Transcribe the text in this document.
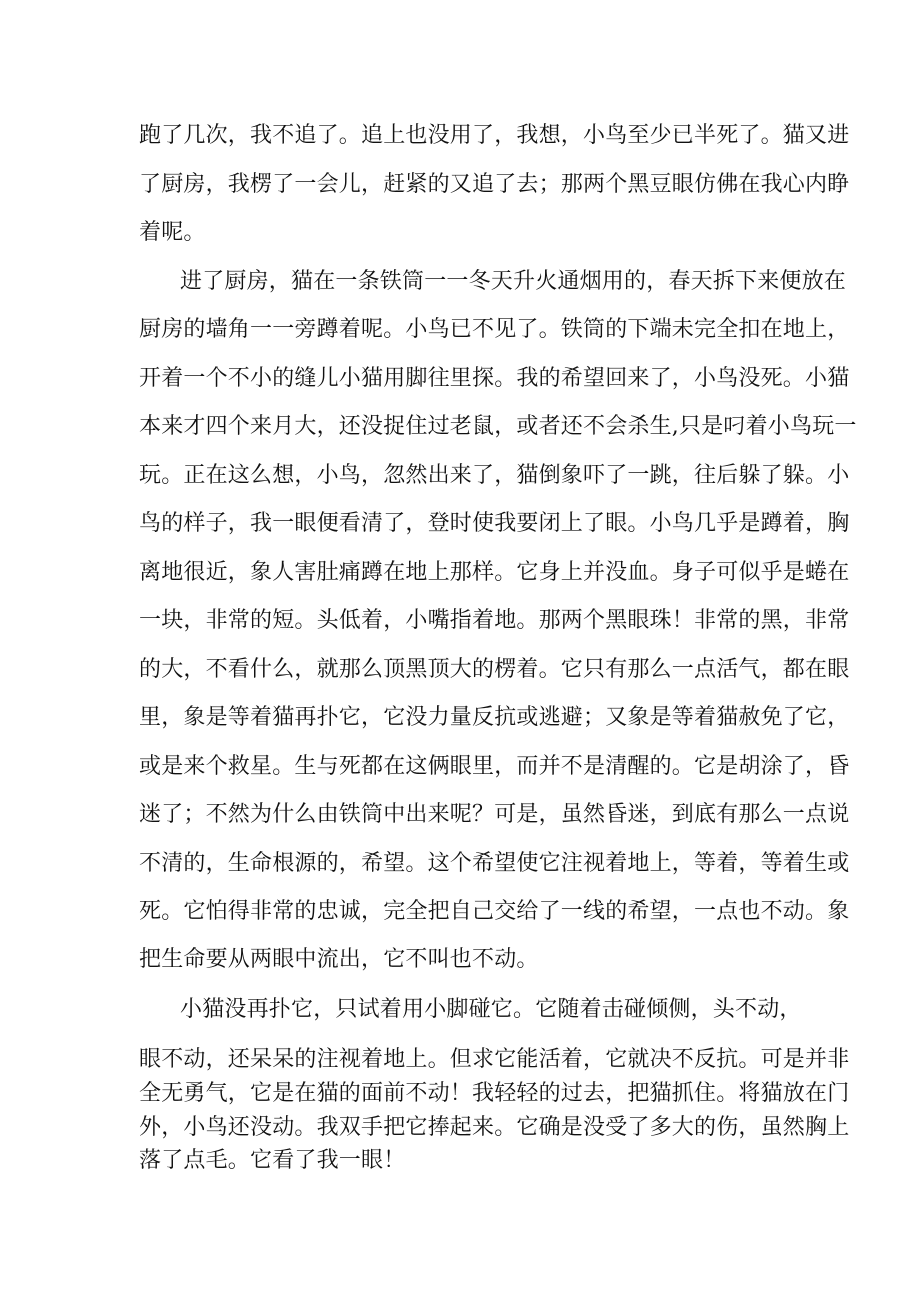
跑了几次，我不追了。追上也没用了，我想，小鸟至少已半死了。猫又进
了厨房，我楞了一会儿，赶紧的又追了去；那两个黑豆眼仿佛在我心内睁
着呢。
进了厨房，猫在一条铁筒一一冬天升火通烟用的，春天拆下来便放在
厨房的墙角一一旁蹲着呢。小鸟已不见了。铁筒的下端未完全扣在地上，
开着一个不小的缝儿小猫用脚往里探。我的希望回来了，小鸟没死。小猫
本来才四个来月大，还没捉住过老鼠，或者还不会杀生,只是叼着小鸟玩一
玩。正在这么想，小鸟，忽然出来了，猫倒象吓了一跳，往后躲了躲。小
鸟的样子，我一眼便看清了，登时使我要闭上了眼。小鸟几乎是蹲着，胸
离地很近，象人害肚痛蹲在地上那样。它身上并没血。身子可似乎是蜷在
一块，非常的短。头低着，小嘴指着地。那两个黑眼珠！非常的黑，非常
的大，不看什么，就那么顶黑顶大的楞着。它只有那么一点活气，都在眼
里，象是等着猫再扑它，它没力量反抗或逃避；又象是等着猫赦免了它，
或是来个救星。生与死都在这俩眼里，而并不是清醒的。它是胡涂了，昏
迷了；不然为什么由铁筒中出来呢？可是，虽然昏迷，到底有那么一点说
不清的，生命根源的，希望。这个希望使它注视着地上，等着，等着生或
死。它怕得非常的忠诚，完全把自己交给了一线的希望，一点也不动。象
把生命要从两眼中流出，它不叫也不动。
小猫没再扑它，只试着用小脚碰它。它随着击碰倾侧，头不动，
眼不动，还呆呆的注视着地上。但求它能活着，它就决不反抗。可是并非
全无勇气，它是在猫的面前不动！我轻轻的过去，把猫抓住。将猫放在门
外，小鸟还没动。我双手把它捧起来。它确是没受了多大的伤，虽然胸上
落了点毛。它看了我一眼！
